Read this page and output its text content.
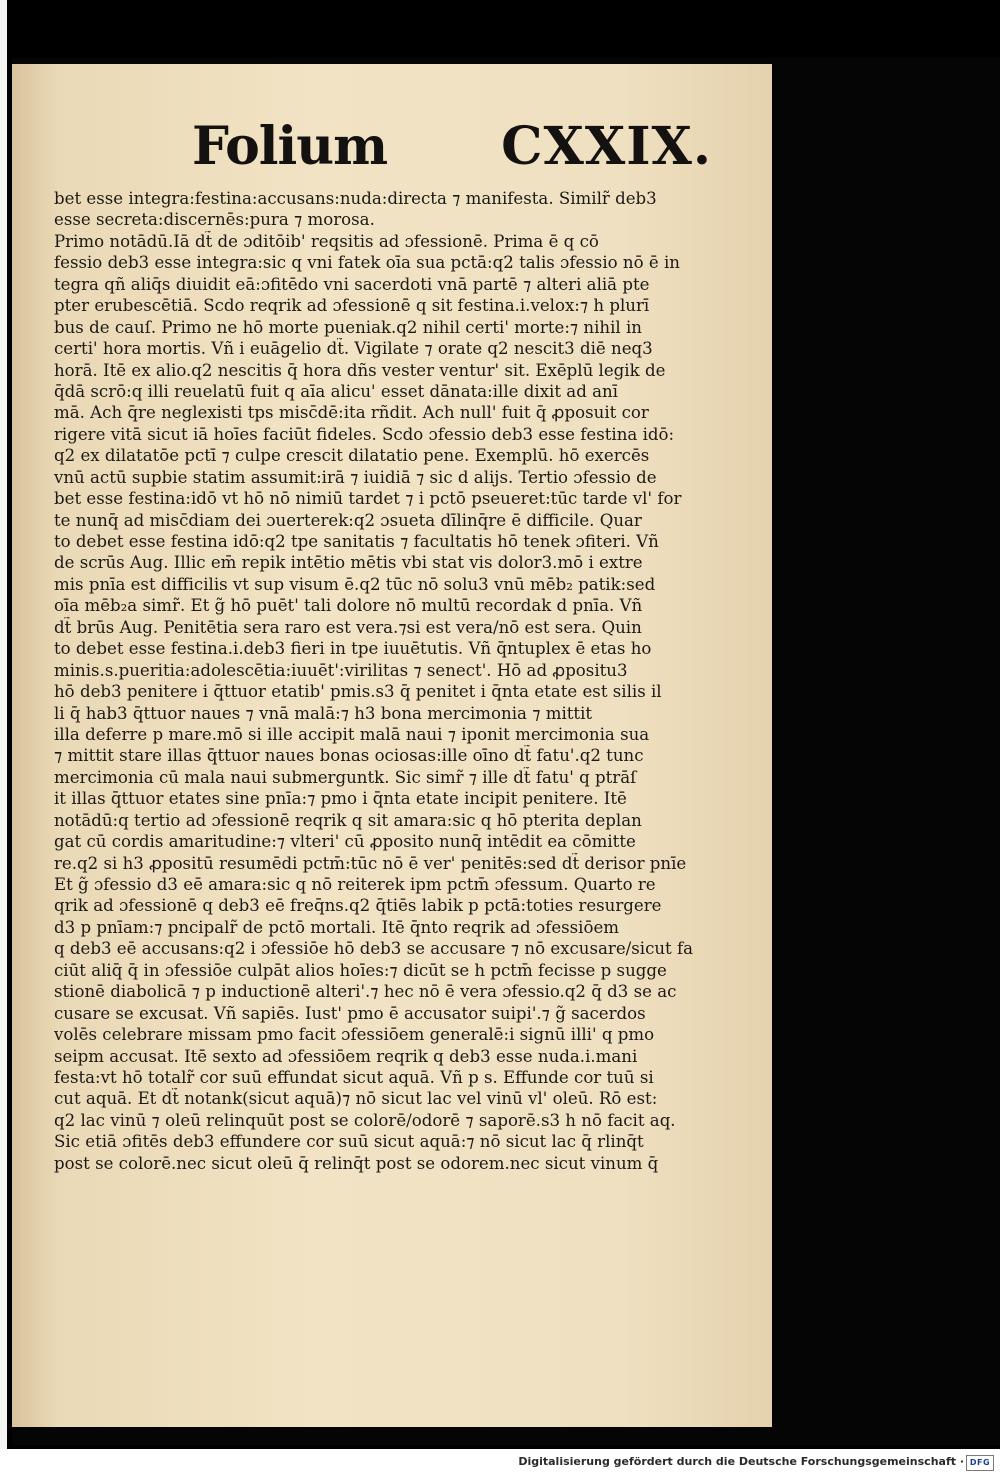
Folium CXXIX.
bet esse integra:festina:accusans:nuda:directa ⁊ manifesta. Similr̃ deb3
esse secreta:discernēs:pura ⁊ morosa.
Primo notādū.Iā dt̃ de ɔditōib' reqsitis ad ɔfessionē. Prima ē q cō
fessio deb3 esse integra:sic q vni fatek oīa sua pctā:q2 talis ɔfessio nō ē in
tegra qñ aliq̄s diuidit eā:ɔfitēdo vni sacerdoti vnā partē ⁊ alteri aliā pte
pter erubescētiā. Scdo reqrik ad ɔfessionē q sit festina.i.velox:⁊ h plurī
bus de cauſ. Primo ne hō morte pueniak.q2 nihil certi' morte:⁊ nihil in
certi' hora mortis. Vñ i euāgelio dt̃. Vigilate ⁊ orate q2 nescit3 diē neq3
horā. Itē ex alio.q2 nescitis q̄ hora dñs vester ventur' sit. Exēplū legik de
q̄dā scrō:q illi reuelatū fuit q aīa alicu' esset dānata:ille dixit ad anī
mā. Ach q̄re neglexisti tps misc̄dē:ita rñdit. Ach null' fuit q̄ ꝓposuit cor
rigere vitā sicut iā hoīes faciūt fideles. Scdo ɔfessio deb3 esse festina idō:
q2 ex dilatatōe pctī ⁊ culpe crescit dilatatio pene. Exemplū. hō exercēs
vnū actū supbie statim assumit:irā ⁊ iuidiā ⁊ sic d alijs. Tertio ɔfessio de
bet esse festina:idō vt hō nō nimiū tardet ⁊ i pctō pseueret:tūc tarde vl' for
te nunq̄ ad misc̄diam dei ɔuerterek:q2 ɔsueta dīlinq̄re ē difficile. Quar
to debet esse festina idō:q2 tpe sanitatis ⁊ facultatis hō tenek ɔfiteri. Vñ
de scrūs Aug. Illic em̄ repik intētio mētis vbi stat vis dolor3.mō i extre
mis pnīa est difficilis vt sup visum ē.q2 tūc nō solu3 vnū mēb₂ patik:sed
oīa mēb₂a simr̃. Et g̃ hō puēt' tali dolore nō multū recordak d pnīa. Vñ
dt̃ brūs Aug. Penitētia sera raro est vera.⁊si est vera/nō est sera. Quin
to debet esse festina.i.deb3 fieri in tpe iuuētutis. Vñ q̄ntuplex ē etas ho
minis.s.pueritia:adolescētia:iuuēt':virilitas ⁊ senect'. Hō ad ꝓpositu3
hō deb3 penitere i q̄ttuor etatib' pmis.s3 q̄ penitet i q̄nta etate est silis il
li q̄ hab3 q̄ttuor naues ⁊ vnā malā:⁊ h3 bona mercimonia ⁊ mittit
illa deferre p mare.mō si ille accipit malā naui ⁊ iponit mercimonia sua
⁊ mittit stare illas q̄ttuor naues bonas ociosas:ille oīno dt̃ fatu'.q2 tunc
mercimonia cū mala naui submerguntk. Sic simr̃ ⁊ ille dt̃ fatu' q ptrāſ
it illas q̄ttuor etates sine pnīa:⁊ pmo i q̄nta etate incipit penitere. Itē
notādū:q tertio ad ɔfessionē reqrik q sit amara:sic q hō pterita deplan
gat cū cordis amaritudine:⁊ vlteri' cū ꝓposito nunq̄ intēdit ea cōmitte
re.q2 si h3 ꝓpositū resumēdi pctm̄:tūc nō ē ver' penitēs:sed dt̃ derisor pnīe
Et g̃ ɔfessio d3 eē amara:sic q nō reiterek ipm pctm̄ ɔfessum. Quarto re
qrik ad ɔfessionē q deb3 eē freq̄ns.q2 q̄tiēs labik p pctā:toties resurgere
d3 p pnīam:⁊ pncipalr̃ de pctō mortali. Itē q̄nto reqrik ad ɔfessiōem
q deb3 eē accusans:q2 i ɔfessiōe hō deb3 se accusare ⁊ nō excusare/sicut fa
ciūt aliq̄ q̄ in ɔfessiōe culpāt alios hoīes:⁊ dicūt se h pctm̄ fecisse p sugge
stionē diabolicā ⁊ p inductionē alteri'.⁊ hec nō ē vera ɔfessio.q2 q̄ d3 se ac
cusare se excusat. Vñ sapiēs. Iust' pmo ē accusator suipi'.⁊ g̃ sacerdos
volēs celebrare missam pmo facit ɔfessiōem generalē:i signū illi' q pmo
seipm accusat. Itē sexto ad ɔfessiōem reqrik q deb3 esse nuda.i.mani
festa:vt hō totalr̃ cor suū effundat sicut aquā. Vñ p s. Effunde cor tuū si
cut aquā. Et dt̃ notank(sicut aquā)⁊ nō sicut lac vel vinū vl' oleū. Rō est:
q2 lac vinū ⁊ oleū relinquūt post se colorē/odorē ⁊ saporē.s3 h nō facit aq.
Sic etiā ɔfitēs deb3 effundere cor suū sicut aquā:⁊ nō sicut lac q̄ rlinq̄t
post se colorē.nec sicut oleū q̄ relinq̄t post se odorem.nec sicut vinum q̄
Digitalisierung gefördert durch die Deutsche Forschungsgemeinschaft · DFG
